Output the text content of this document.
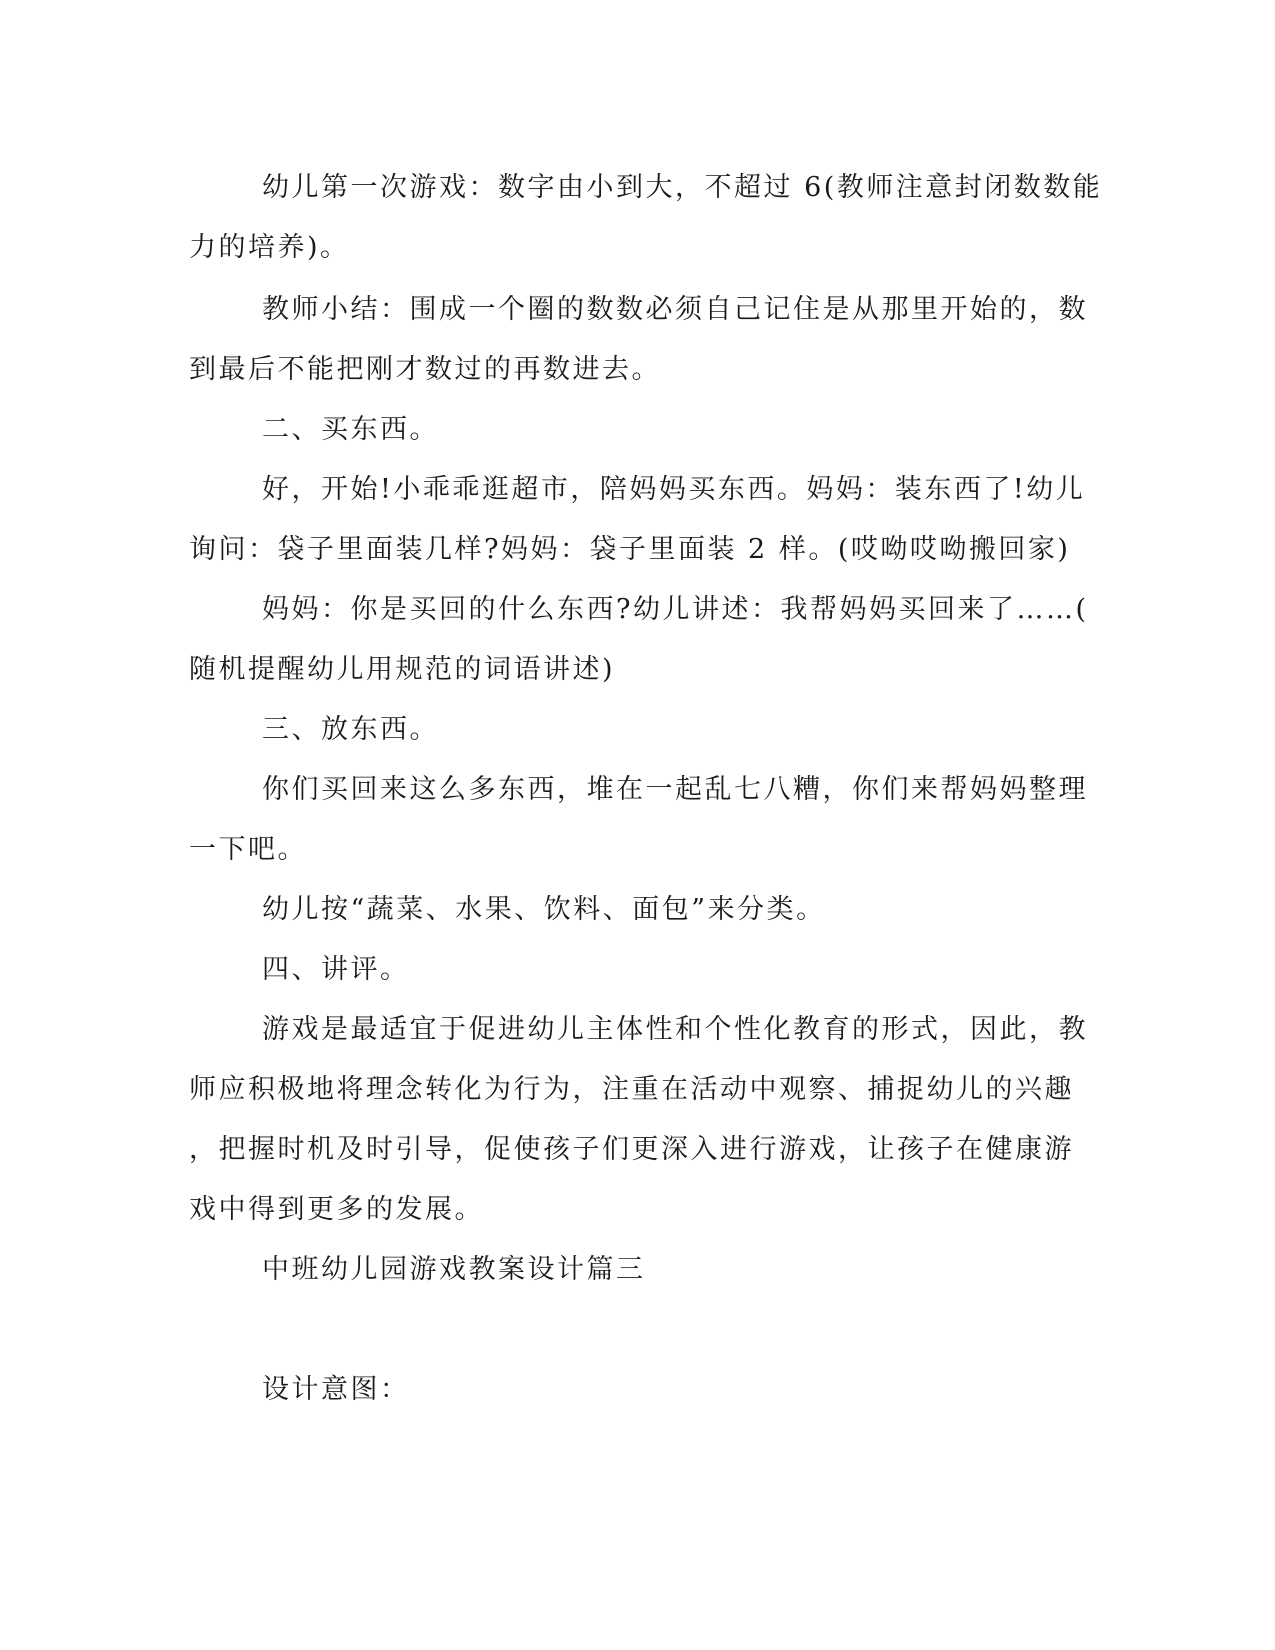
幼儿第一次游戏：数字由小到大，不超过 6(教师注意封闭数数能
力的培养)。
教师小结：围成一个圈的数数必须自己记住是从那里开始的，数
到最后不能把刚才数过的再数进去。
二、买东西。
好，开始!小乖乖逛超市，陪妈妈买东西。妈妈：装东西了!幼儿
询问：袋子里面装几样?妈妈：袋子里面装 2 样。(哎呦哎呦搬回家)
妈妈：你是买回的什么东西?幼儿讲述：我帮妈妈买回来了……(
随机提醒幼儿用规范的词语讲述)
三、放东西。
你们买回来这么多东西，堆在一起乱七八糟，你们来帮妈妈整理
一下吧。
幼儿按“蔬菜、水果、饮料、面包”来分类。
四、讲评。
游戏是最适宜于促进幼儿主体性和个性化教育的形式，因此，教
师应积极地将理念转化为行为，注重在活动中观察、捕捉幼儿的兴趣
，把握时机及时引导，促使孩子们更深入进行游戏，让孩子在健康游
戏中得到更多的发展。
中班幼儿园游戏教案设计篇三
设计意图：
